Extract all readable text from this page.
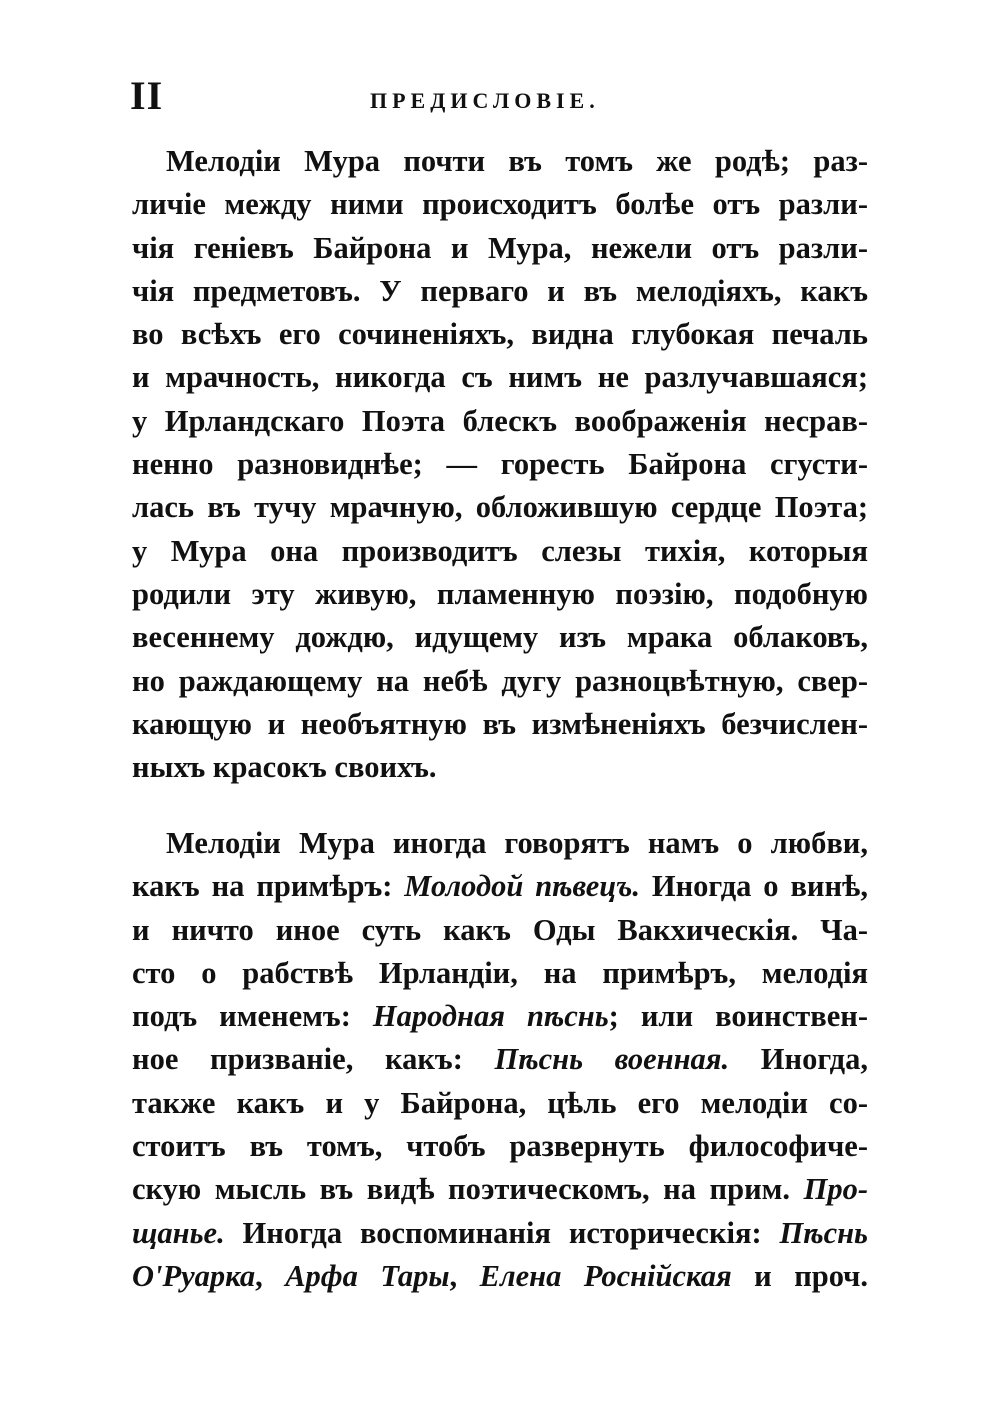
II	ПРЕДИСЛОВІЕ.
Мелодіи Мура почти въ томъ же родѣ; раз-
личіе между ними происходитъ болѣе отъ разли-
чія геніевъ Байрона и Мура, нежели отъ разли-
чія предметовъ. У перваго и въ мелодіяхъ, какъ
во всѣхъ его сочиненіяхъ, видна глубокая печаль
и мрачность, никогда съ нимъ не разлучавшаяся;
у Ирландскаго Поэта блескъ воображенія несрав-
ненно разновиднѣе; — горесть Байрона сгусти-
лась въ тучу мрачную, обложившую сердце Поэта;
у Мура она производитъ слезы тихія, которыя
родили эту живую, пламенную поэзію, подобную
весеннему дождю, идущему изъ мрака облаковъ,
но раждающему на небѣ дугу разноцвѣтную, свер-
кающую и необъятную въ измѣненіяхъ безчислен-
ныхъ красокъ своихъ.
Мелодіи Мура иногда говорятъ намъ о любви,
какъ на примѣръ: Молодой пѣвецъ. Иногда о винѣ,
и ничто иное суть какъ Оды Вакхическія. Ча-
сто о рабствѣ Ирландіи, на примѣръ, мелодія
подъ именемъ: Народная пѣснь; или воинствен-
ное призваніе, какъ: Пѣснь военная. Иногда,
также какъ и у Байрона, цѣль его мелодіи со-
стоитъ въ томъ, чтобъ развернуть философиче-
скую мысль въ видѣ поэтическомъ, на прим. Про-
щанье. Иногда воспоминанія историческія: Пѣснь
О'Руарка, Арфа Тары, Елена Роснійская и проч.
